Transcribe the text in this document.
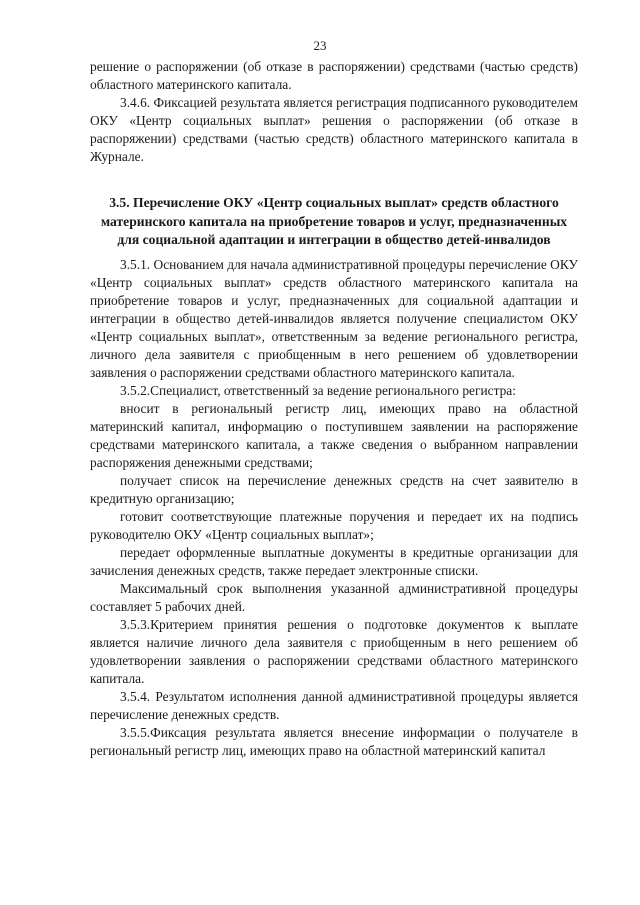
23

решение о распоряжении (об отказе в распоряжении) средствами (частью средств) областного материнского капитала.

3.4.6. Фиксацией результата является регистрация подписанного руководителем ОКУ «Центр социальных выплат» решения о распоряжении (об отказе в распоряжении) средствами (частью средств) областного материнского капитала в Журнале.

3.5. Перечисление ОКУ «Центр социальных выплат» средств областного материнского капитала на приобретение товаров и услуг, предназначенных для социальной адаптации и интеграции в общество детей-инвалидов

3.5.1. Основанием для начала административной процедуры перечисление ОКУ «Центр социальных выплат» средств областного материнского капитала на приобретение товаров и услуг, предназначенных для социальной адаптации и интеграции в общество детей-инвалидов является получение специалистом ОКУ «Центр социальных выплат», ответственным за ведение регионального регистра, личного дела заявителя с приобщенным в него решением об удовлетворении заявления о распоряжении средствами областного материнского капитала.

3.5.2.Специалист, ответственный за ведение регионального регистра:

вносит в региональный регистр лиц, имеющих право на областной материнский капитал, информацию о поступившем заявлении на распоряжение средствами материнского капитала, а также сведения о выбранном направлении распоряжения денежными средствами;

получает список на перечисление денежных средств на счет заявителю в кредитную организацию;

готовит соответствующие платежные поручения и передает их на подпись руководителю ОКУ «Центр социальных выплат»;

передает оформленные выплатные документы в кредитные организации для зачисления денежных средств, также передает электронные списки.

Максимальный срок выполнения указанной административной процедуры составляет 5 рабочих дней.

3.5.3.Критерием принятия решения о подготовке документов к выплате является наличие личного дела заявителя с приобщенным в него решением об удовлетворении заявления о распоряжении средствами областного материнского капитала.

3.5.4. Результатом исполнения данной административной процедуры является перечисление денежных средств.

3.5.5.Фиксация результата является внесение информации о получателе в региональный регистр лиц, имеющих право на областной материнский капитал
